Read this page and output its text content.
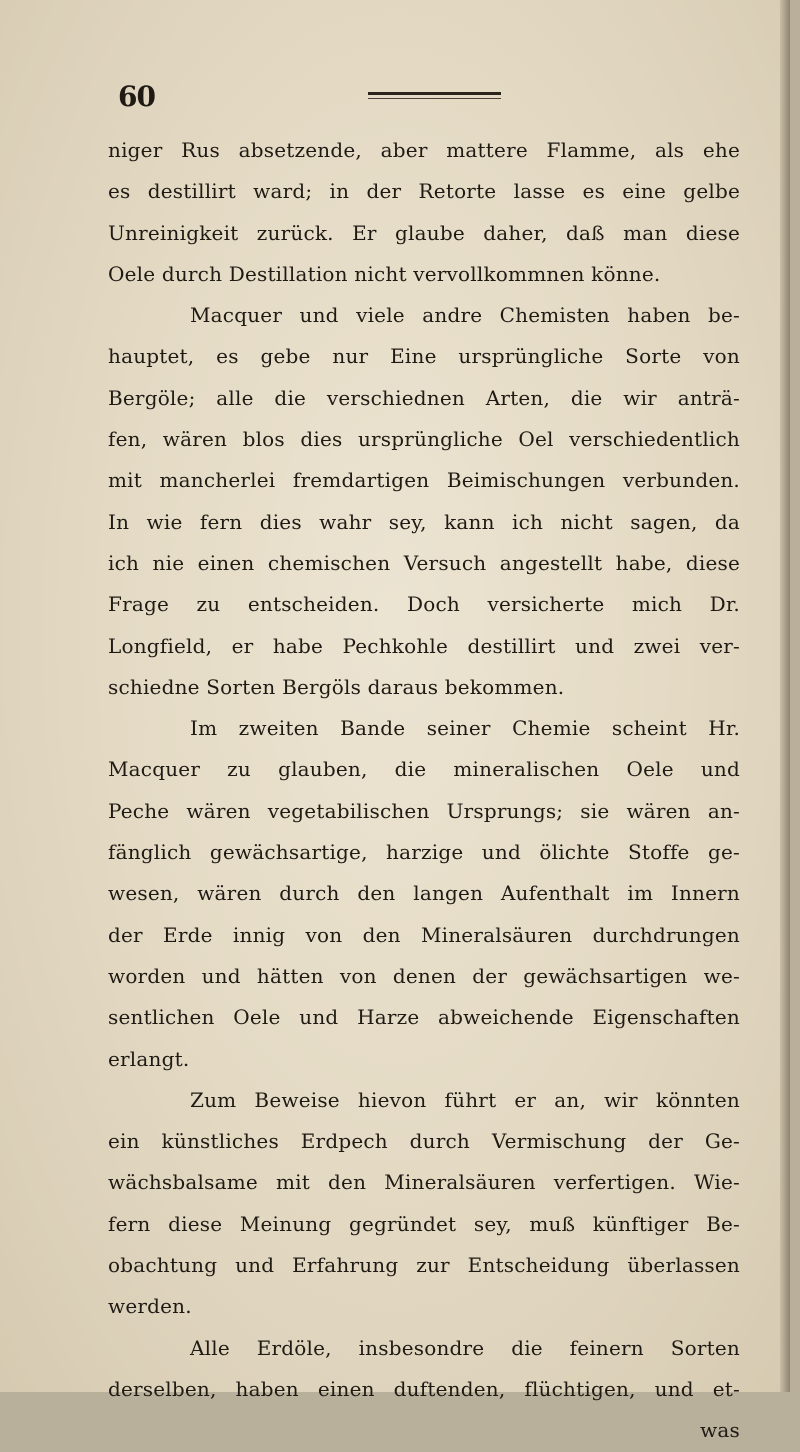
60
niger Rus absetzende, aber mattere Flamme, als ehe
es destillirt ward; in der Retorte lasse es eine gelbe
Unreinigkeit zurück. Er glaube daher, daß man diese
Oele durch Destillation nicht vervollkommnen könne.
Macquer und viele andre Chemisten haben be-
hauptet, es gebe nur Eine ursprüngliche Sorte von
Bergöle; alle die verschiednen Arten, die wir anträ-
fen, wären blos dies ursprüngliche Oel verschiedentlich
mit mancherlei fremdartigen Beimischungen verbunden.
In wie fern dies wahr sey, kann ich nicht sagen, da
ich nie einen chemischen Versuch angestellt habe, diese
Frage zu entscheiden. Doch versicherte mich Dr.
Longfield, er habe Pechkohle destillirt und zwei ver-
schiedne Sorten Bergöls daraus bekommen.
Im zweiten Bande seiner Chemie scheint Hr.
Macquer zu glauben, die mineralischen Oele und
Peche wären vegetabilischen Ursprungs; sie wären an-
fänglich gewächsartige, harzige und ölichte Stoffe ge-
wesen, wären durch den langen Aufenthalt im Innern
der Erde innig von den Mineralsäuren durchdrungen
worden und hätten von denen der gewächsartigen we-
sentlichen Oele und Harze abweichende Eigenschaften
erlangt.
Zum Beweise hievon führt er an, wir könnten
ein künstliches Erdpech durch Vermischung der Ge-
wächsbalsame mit den Mineralsäuren verfertigen. Wie-
fern diese Meinung gegründet sey, muß künftiger Be-
obachtung und Erfahrung zur Entscheidung überlassen
werden.
Alle Erdöle, insbesondre die feinern Sorten
derselben, haben einen duftenden, flüchtigen, und et-
was
